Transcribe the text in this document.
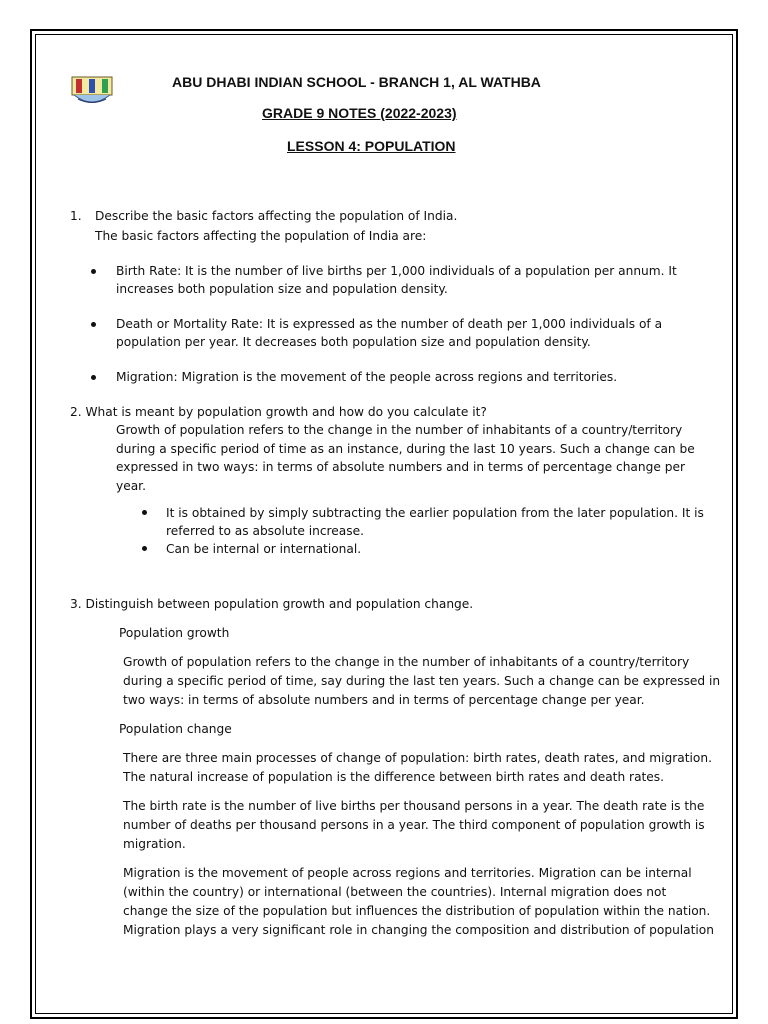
ABU DHABI INDIAN SCHOOL - BRANCH 1, AL WATHBA
GRADE 9 NOTES (2022-2023)
LESSON 4: POPULATION
1. Describe the basic factors affecting the population of India.
The basic factors affecting the population of India are:
Birth Rate: It is the number of live births per 1,000 individuals of a population per annum. It
increases both population size and population density.
Death or Mortality Rate: It is expressed as the number of death per 1,000 individuals of a
population per year. It decreases both population size and population density.
Migration: Migration is the movement of the people across regions and territories.
2. What is meant by population growth and how do you calculate it?
Growth of population refers to the change in the number of inhabitants of a country/territory
during a specific period of time as an instance, during the last 10 years. Such a change can be
expressed in two ways: in terms of absolute numbers and in terms of percentage change per
year.
It is obtained by simply subtracting the earlier population from the later population. It is
referred to as absolute increase.
Can be internal or international.
3. Distinguish between population growth and population change.
Population growth
Growth of population refers to the change in the number of inhabitants of a country/territory
during a specific period of time, say during the last ten years. Such a change can be expressed in
two ways: in terms of absolute numbers and in terms of percentage change per year.
Population change
There are three main processes of change of population: birth rates, death rates, and migration.
The natural increase of population is the difference between birth rates and death rates.
The birth rate is the number of live births per thousand persons in a year. The death rate is the
number of deaths per thousand persons in a year. The third component of population growth is
migration.
Migration is the movement of people across regions and territories. Migration can be internal
(within the country) or international (between the countries). Internal migration does not
change the size of the population but influences the distribution of population within the nation.
Migration plays a very significant role in changing the composition and distribution of population
